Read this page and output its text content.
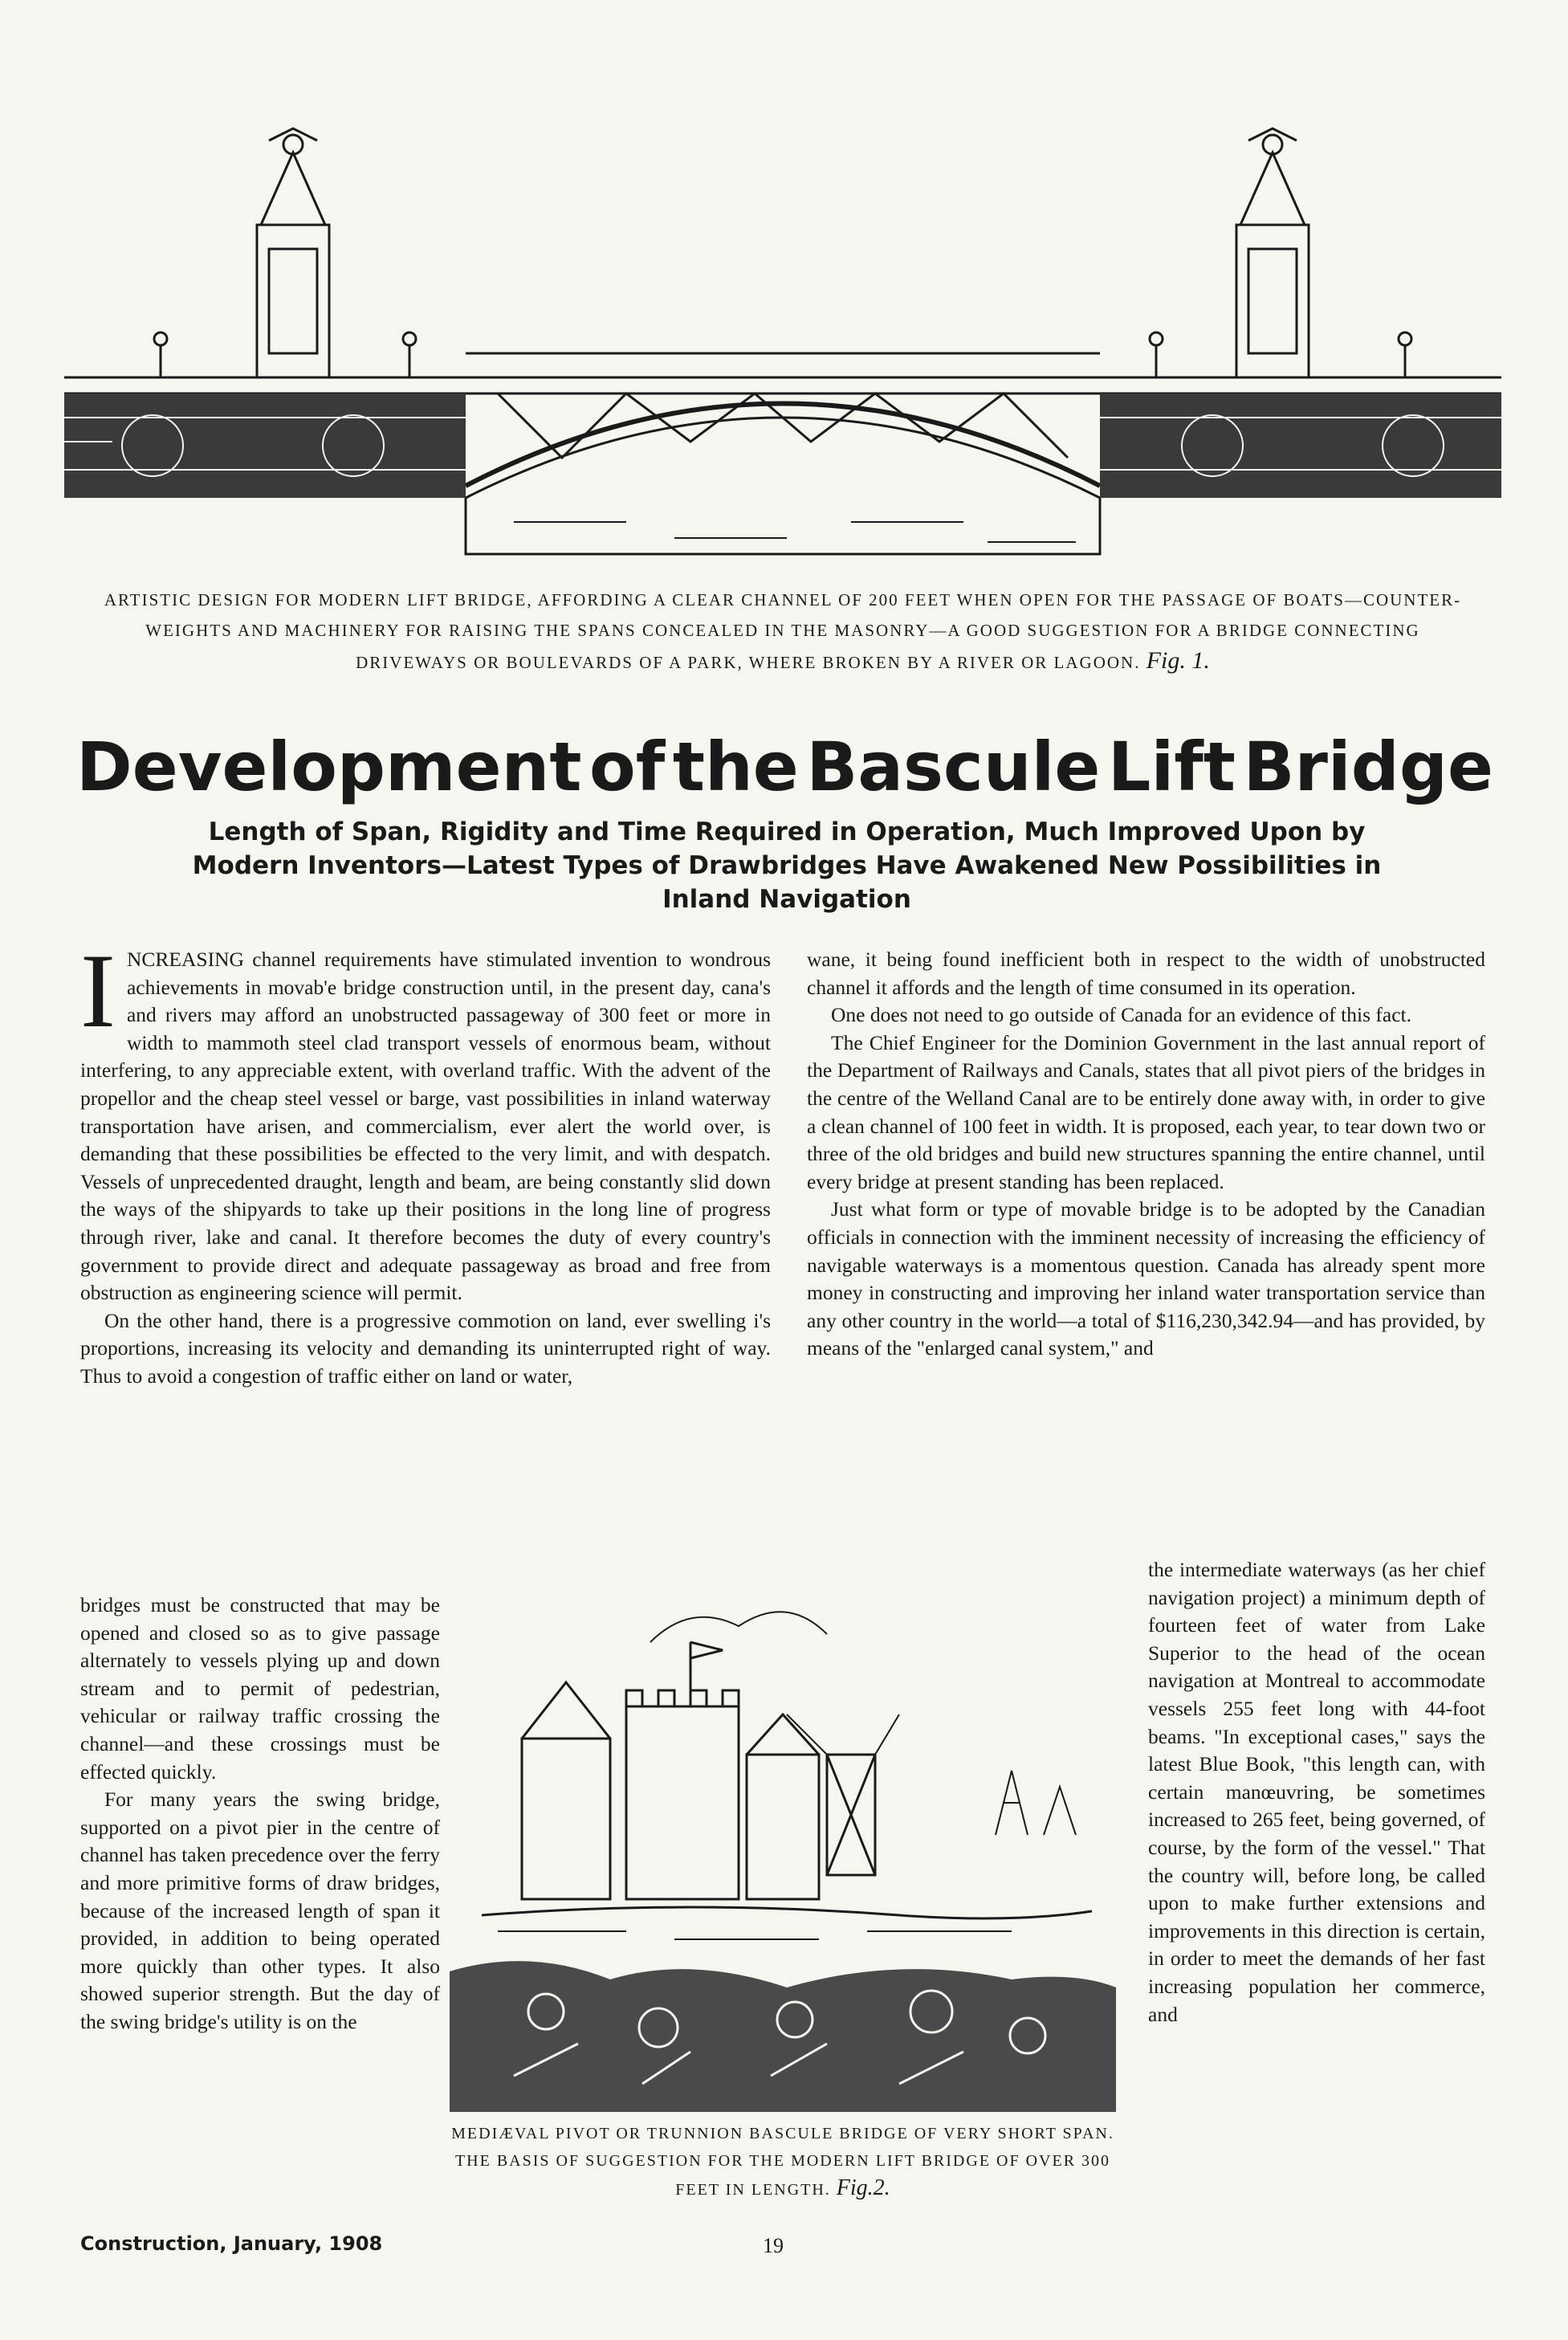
ARTISTIC DESIGN FOR MODERN LIFT BRIDGE, AFFORDING A CLEAR CHANNEL OF 200 FEET WHEN OPEN FOR THE PASSAGE OF BOATS—COUNTER-WEIGHTS AND MACHINERY FOR RAISING THE SPANS CONCEALED IN THE MASONRY—A GOOD SUGGESTION FOR A BRIDGE CONNECTING DRIVEWAYS OR BOULEVARDS OF A PARK, WHERE BROKEN BY A RIVER OR LAGOON. Fig. 1.
Development of the Bascule Lift Bridge
Length of Span, Rigidity and Time Required in Operation, Much Improved Upon by Modern Inventors—Latest Types of Drawbridges Have Awakened New Possibilities in Inland Navigation

INCREASING channel requirements have stimulated invention to wondrous achievements in movab'e bridge construction until, in the present day, cana's and rivers may afford an unobstructed passageway of 300 feet or more in width to mammoth steel clad transport vessels of enormous beam, without interfering, to any appreciable extent, with overland traffic. With the advent of the propellor and the cheap steel vessel or barge, vast possibilities in inland waterway transportation have arisen, and commercialism, ever alert the world over, is demanding that these possibilities be effected to the very limit, and with despatch. Vessels of unprecedented draught, length and beam, are being constantly slid down the ways of the shipyards to take up their positions in the long line of progress through river, lake and canal. It therefore becomes the duty of every country's government to provide direct and adequate passageway as broad and free from obstruction as engineering science will permit.

On the other hand, there is a progressive commotion on land, ever swelling i's proportions, increasing its velocity and demanding its uninterrupted right of way. Thus to avoid a congestion of traffic either on land or water,

bridges must be constructed that may be opened and closed so as to give passage alternately to vessels plying up and down stream and to permit of pedestrian, vehicular or railway traffic crossing the channel—and these crossings must be effected quickly.

For many years the swing bridge, supported on a pivot pier in the centre of channel has taken precedence over the ferry and more primitive forms of draw bridges, because of the increased length of span it provided, in addition to being operated more quickly than other types. It also showed superior strength. But the day of the swing bridge's utility is on the

wane, it being found inefficient both in respect to the width of unobstructed channel it affords and the length of time consumed in its operation.

One does not need to go outside of Canada for an evidence of this fact.

The Chief Engineer for the Dominion Government in the last annual report of the Department of Railways and Canals, states that all pivot piers of the bridges in the centre of the Welland Canal are to be entirely done away with, in order to give a clean channel of 100 feet in width. It is proposed, each year, to tear down two or three of the old bridges and build new structures spanning the entire channel, until every bridge at present standing has been replaced.

Just what form or type of movable bridge is to be adopted by the Canadian officials in connection with the imminent necessity of increasing the efficiency of navigable waterways is a momentous question. Canada has already spent more money in constructing and improving her inland water transportation service than any other country in the world—a total of $116,230,342.94—and has provided, by means of the "enlarged canal system," and

the intermediate waterways (as her chief navigation project) a minimum depth of fourteen feet of water from Lake Superior to the head of the ocean navigation at Montreal to accommodate vessels 255 feet long with 44-foot beams. "In exceptional cases," says the latest Blue Book, "this length can, with certain manœuvring, be sometimes increased to 265 feet, being governed, of course, by the form of the vessel." That the country will, before long, be called upon to make further extensions and improvements in this direction is certain, in order to meet the demands of her fast increasing population her commerce, and

MEDIÆVAL PIVOT OR TRUNNION BASCULE BRIDGE OF VERY SHORT SPAN. THE BASIS OF SUGGESTION FOR THE MODERN LIFT BRIDGE OF OVER 300 FEET IN LENGTH. Fig.2.
Construction, January, 1908	19
